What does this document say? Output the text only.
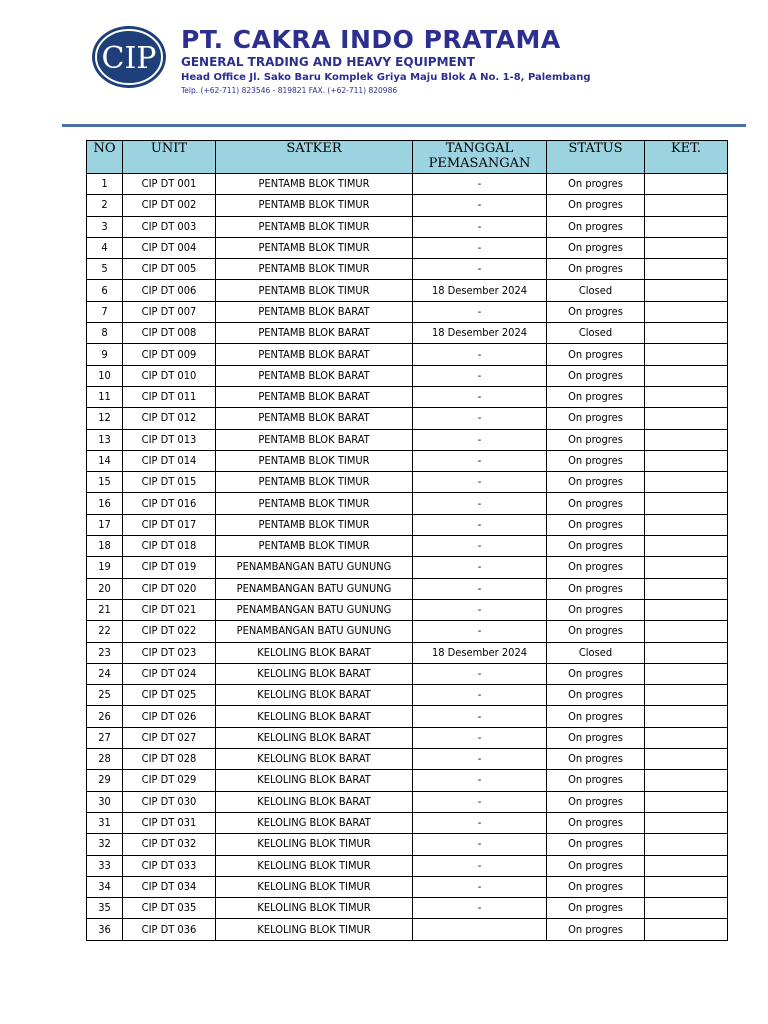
CIP
PT. CAKRA INDO PRATAMA
GENERAL TRADING AND HEAVY EQUIPMENT
Head Office Jl. Sako Baru Komplek Griya Maju Blok A No. 1-8, Palembang
Telp. (+62-711) 823546 - 819821 FAX. (+62-711) 820986
NO	UNIT	SATKER	TANGGAL PEMASANGAN	STATUS	KET.
1	CIP DT 001	PENTAMB BLOK TIMUR	-	On progres	
2	CIP DT 002	PENTAMB BLOK TIMUR	-	On progres	
3	CIP DT 003	PENTAMB BLOK TIMUR	-	On progres	
4	CIP DT 004	PENTAMB BLOK TIMUR	-	On progres	
5	CIP DT 005	PENTAMB BLOK TIMUR	-	On progres	
6	CIP DT 006	PENTAMB BLOK TIMUR	18 Desember 2024	Closed	
7	CIP DT 007	PENTAMB BLOK BARAT	-	On progres	
8	CIP DT 008	PENTAMB BLOK BARAT	18 Desember 2024	Closed	
9	CIP DT 009	PENTAMB BLOK BARAT	-	On progres	
10	CIP DT 010	PENTAMB BLOK BARAT	-	On progres	
11	CIP DT 011	PENTAMB BLOK BARAT	-	On progres	
12	CIP DT 012	PENTAMB BLOK BARAT	-	On progres	
13	CIP DT 013	PENTAMB BLOK BARAT	-	On progres	
14	CIP DT 014	PENTAMB BLOK TIMUR	-	On progres	
15	CIP DT 015	PENTAMB BLOK TIMUR	-	On progres	
16	CIP DT 016	PENTAMB BLOK TIMUR	-	On progres	
17	CIP DT 017	PENTAMB BLOK TIMUR	-	On progres	
18	CIP DT 018	PENTAMB BLOK TIMUR	-	On progres	
19	CIP DT 019	PENAMBANGAN BATU GUNUNG	-	On progres	
20	CIP DT 020	PENAMBANGAN BATU GUNUNG	-	On progres	
21	CIP DT 021	PENAMBANGAN BATU GUNUNG	-	On progres	
22	CIP DT 022	PENAMBANGAN BATU GUNUNG	-	On progres	
23	CIP DT 023	KELOLING BLOK BARAT	18 Desember 2024	Closed	
24	CIP DT 024	KELOLING BLOK BARAT	-	On progres	
25	CIP DT 025	KELOLING BLOK BARAT	-	On progres	
26	CIP DT 026	KELOLING BLOK BARAT	-	On progres	
27	CIP DT 027	KELOLING BLOK BARAT	-	On progres	
28	CIP DT 028	KELOLING BLOK BARAT	-	On progres	
29	CIP DT 029	KELOLING BLOK BARAT	-	On progres	
30	CIP DT 030	KELOLING BLOK BARAT	-	On progres	
31	CIP DT 031	KELOLING BLOK BARAT	-	On progres	
32	CIP DT 032	KELOLING BLOK TIMUR	-	On progres	
33	CIP DT 033	KELOLING BLOK TIMUR	-	On progres	
34	CIP DT 034	KELOLING BLOK TIMUR	-	On progres	
35	CIP DT 035	KELOLING BLOK TIMUR	-	On progres	
36	CIP DT 036	KELOLING BLOK TIMUR		On progres	
